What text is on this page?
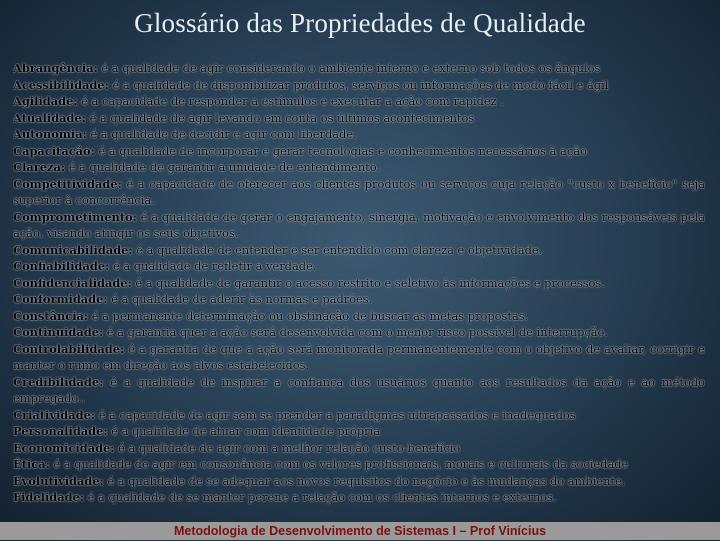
Glossário das Propriedades de Qualidade

Abrangência: é a qualidade de agir considerando o ambiente interno e externo sob todos os ângulos

Acessibilidade: é a qualidade de disponibilizar produtos, serviços ou informações de modo fácil e ágil

Agilidade: é a capacidade de responder a estímulos e executar a ação com rapidez .

Atualidade: é a qualidade de agir levando em conta os últimos acontecimentos

Autonomia: é a qualidade de decidir e agir com liberdade.

Capacitação: é a qualidade de incorporar e gerar tecnologias e conhecimentos necessários à ação

Clareza: é a qualidade de garantir a unidade de entendimento.

Competitividade: é a capacidade de oferecer aos clientes produtos ou serviços cuja relação "custo x benefício" seja superior à concorrência.

Comprometimento: é a qualidade de gerar o engajamento, sinergia, motivação e envolvimento dos responsáveis pela ação, visando atingir os seus objetivos.

Comunicabilidade: é a qualidade de entender e ser entendido com clareza e objetividade.

Confiabilidade: é a qualidade de refletir a verdade.

Confidencialidade: é a qualidade de garantir o acesso restrito e seletivo às informações e processos.

Conformidade: é a qualidade de aderir às normas e padrões.

Constância: é a permanente determinação ou obstinação de buscar as metas propostas.

Continuidade: é a garantia quer a ação será desenvolvida com o menor risco possível de interrupção.

Controlabilidade: é a garantia de que a ação será monitorada permanentemente com o objetivo de avaliar, corrigir e manter o rumo em direção aos alvos estabelecidos.

Credibilidade: é a qualidade de inspirar a confiança dos usuários quanto aos resultados da ação e ao método empregado..

Criatividade: é a capacidade de agir sem se prender a paradigmas ultrapassados e inadequados

Personalidade: é a qualidade de atuar com identidade própria

Economicidade: é a qualidade de agir com a melhor relação custo-benefício

Ética: é a qualidade de agir em consonância com os valores profissionais, morais e culturais da sociedade

Evolutividade: é a qualidade de se adequar aos novos requisitos do negócio e às mudanças do ambiente.

Fidelidade: é a qualidade de se manter perene a relação com os clientes internos e externos.

Metodologia de Desenvolvimento de Sistemas I – Prof Vinícius
